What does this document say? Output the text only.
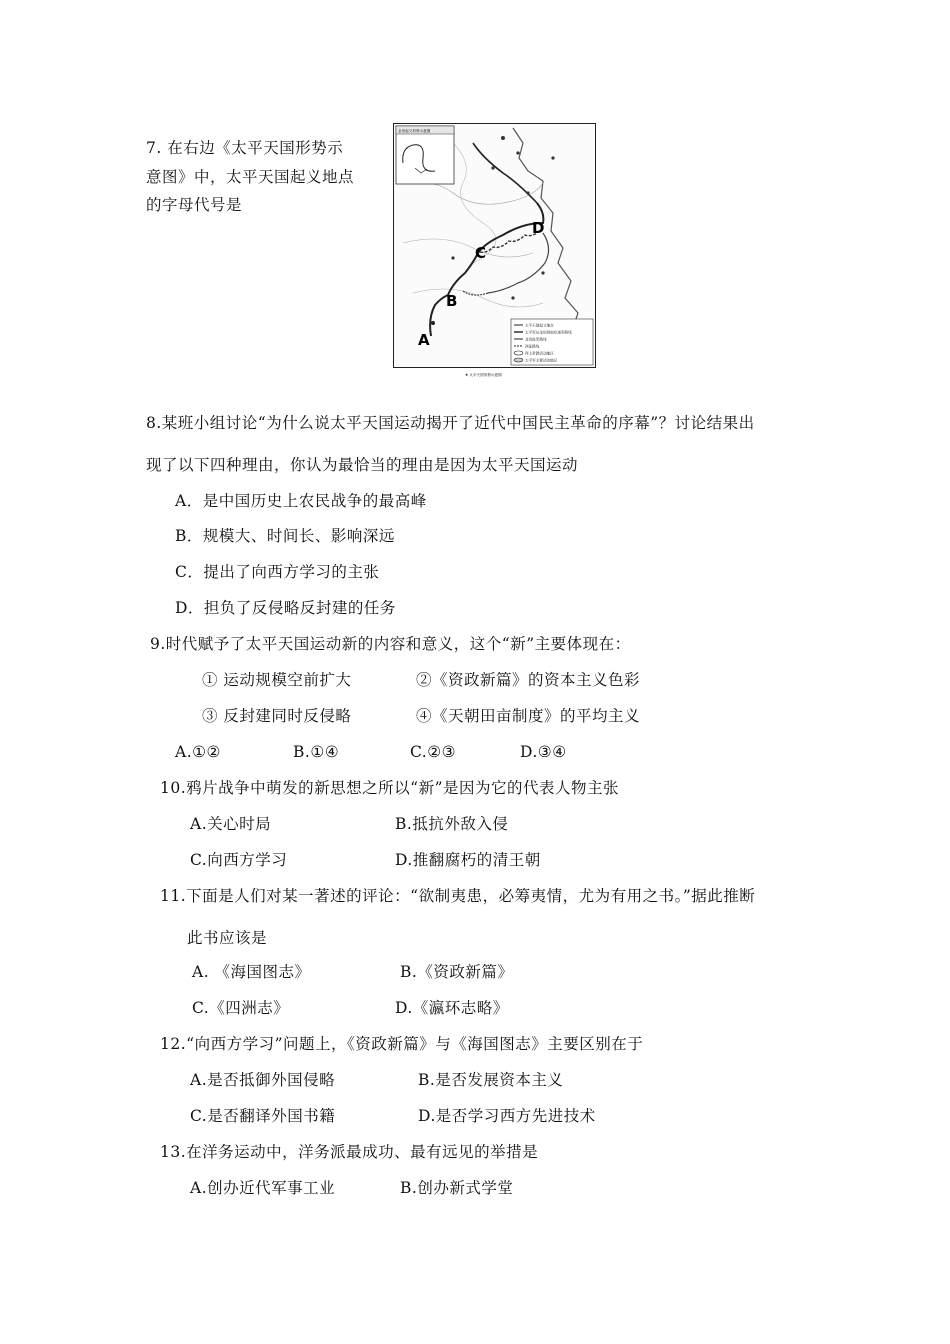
7. 在右边《太平天国形势示
意图》中，太平天国起义地点
的字母代号是
金田起义形势示意图
太平天国起义地点
太平军从金田到南京进军路线
北伐进军路线
西征路线
拜上帝教活动地区
太平军主要活动地区
★ 太平天国形势示意图
D
C
B
A
8.某班小组讨论“为什么说太平天国运动揭开了近代中国民主革命的序幕”？讨论结果出
现了以下四种理由，你认为最恰当的理由是因为太平天国运动
A．是中国历史上农民战争的最高峰
B．规模大、时间长、影响深远
C．提出了向西方学习的主张
D．担负了反侵略反封建的任务
9.时代赋予了太平天国运动新的内容和意义，这个“新”主要体现在：
① 运动规模空前扩大	②《资政新篇》的资本主义色彩
③ 反封建同时反侵略	④《天朝田亩制度》的平均主义
A.①②	B.①④	C.②③	D.③④
10.鸦片战争中萌发的新思想之所以“新”是因为它的代表人物主张
A.关心时局	B.抵抗外敌入侵
C.向西方学习	D.推翻腐朽的清王朝
11.下面是人们对某一著述的评论：“欲制夷患，必筹夷情，尤为有用之书。”据此推断
此书应该是
A. 《海国图志》	B.《资政新篇》
C.《四洲志》	D.《瀛环志略》
12.“向西方学习”问题上，《资政新篇》与《海国图志》主要区别在于
A.是否抵御外国侵略	B.是否发展资本主义
C.是否翻译外国书籍	D.是否学习西方先进技术
13.在洋务运动中，洋务派最成功、最有远见的举措是
A.创办近代军事工业	B.创办新式学堂
